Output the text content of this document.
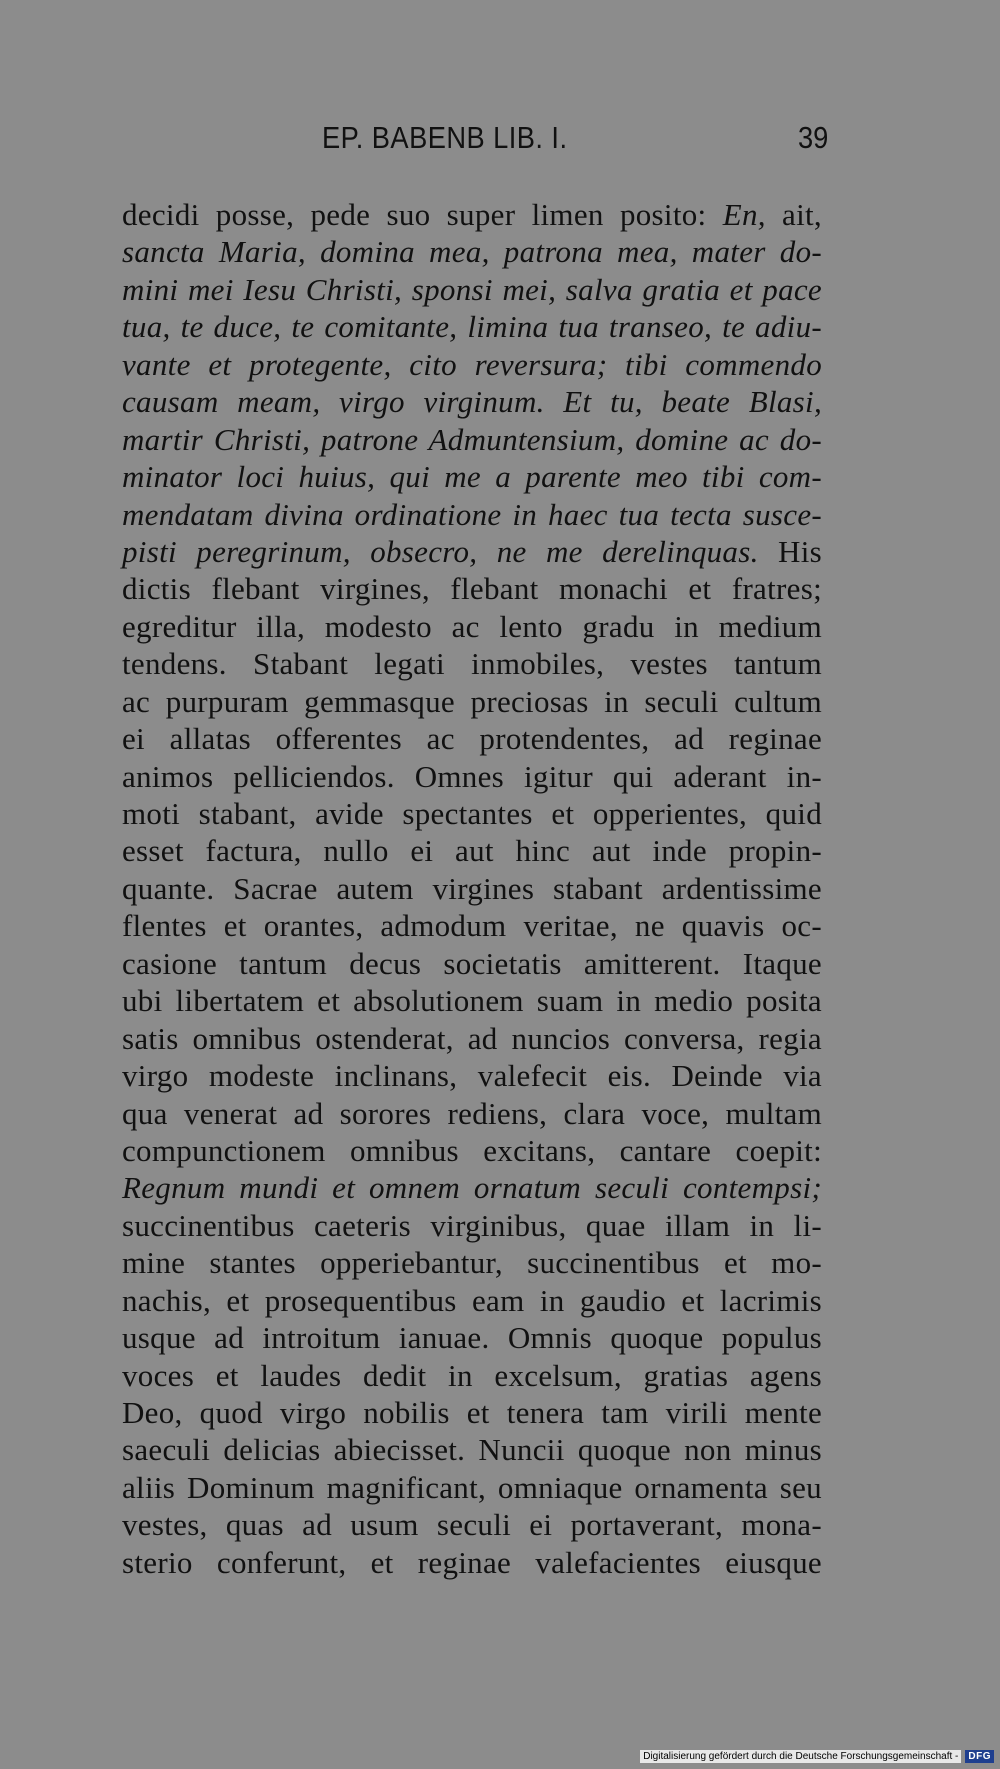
EP. BABENB LIB. I.	39
decidi posse, pede suo super limen posito: En, ait,
sancta Maria, domina mea, patrona mea, mater do-
mini mei Iesu Christi, sponsi mei, salva gratia et pace
tua, te duce, te comitante, limina tua transeo, te adiu-
vante et protegente, cito reversura; tibi commendo
causam meam, virgo virginum. Et tu, beate Blasi,
martir Christi, patrone Admuntensium, domine ac do-
minator loci huius, qui me a parente meo tibi com-
mendatam divina ordinatione in haec tua tecta susce-
pisti peregrinum, obsecro, ne me derelinquas. His
dictis flebant virgines, flebant monachi et fratres;
egreditur illa, modesto ac lento gradu in medium
tendens. Stabant legati inmobiles, vestes tantum
ac purpuram gemmasque preciosas in seculi cultum
ei allatas offerentes ac protendentes, ad reginae
animos pelliciendos. Omnes igitur qui aderant in-
moti stabant, avide spectantes et opperientes, quid
esset factura, nullo ei aut hinc aut inde propin-
quante. Sacrae autem virgines stabant ardentissime
flentes et orantes, admodum veritae, ne quavis oc-
casione tantum decus societatis amitterent. Itaque
ubi libertatem et absolutionem suam in medio posita
satis omnibus ostenderat, ad nuncios conversa, regia
virgo modeste inclinans, valefecit eis. Deinde via
qua venerat ad sorores rediens, clara voce, multam
compunctionem omnibus excitans, cantare coepit:
Regnum mundi et omnem ornatum seculi contempsi;
succinentibus caeteris virginibus, quae illam in li-
mine stantes opperiebantur, succinentibus et mo-
nachis, et prosequentibus eam in gaudio et lacrimis
usque ad introitum ianuae. Omnis quoque populus
voces et laudes dedit in excelsum, gratias agens
Deo, quod virgo nobilis et tenera tam virili mente
saeculi delicias abiecisset. Nuncii quoque non minus
aliis Dominum magnificant, omniaque ornamenta seu
vestes, quas ad usum seculi ei portaverant, mona-
sterio conferunt, et reginae valefacientes eiusque
Digitalisierung gefördert durch die Deutsche Forschungsgemeinschaft -	DFG
